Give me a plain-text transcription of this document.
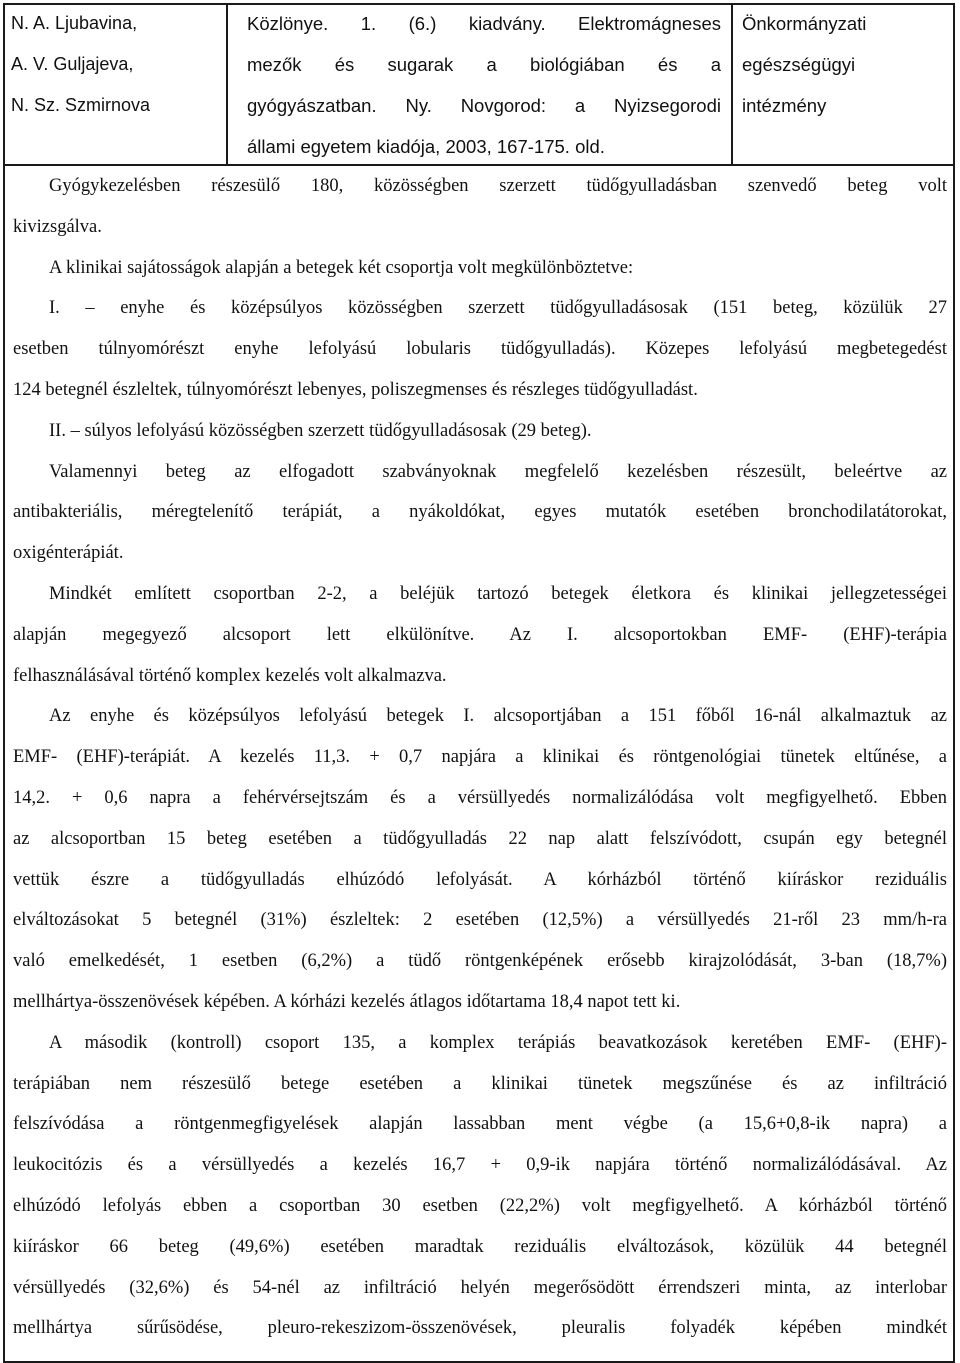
N. A. Ljubavina,
A. V. Guljajeva,
N. Sz. Szmirnova
Közlönye. 1. (6.) kiadvány. Elektromágneses
mezők és sugarak a biológiában és a
gyógyászatban. Ny. Novgorod: a Nyizsegorodi
állami egyetem kiadója, 2003, 167-175. old.
Önkormányzati
egészségügyi
intézmény
Gyógykezelésben részesülő 180, közösségben szerzett tüdőgyulladásban szenvedő beteg volt
kivizsgálva.
A klinikai sajátosságok alapján a betegek két csoportja volt megkülönböztetve:
I. – enyhe és középsúlyos közösségben szerzett tüdőgyulladásosak (151 beteg, közülük 27
esetben túlnyomórészt enyhe lefolyású lobularis tüdőgyulladás). Közepes lefolyású megbetegedést
124 betegnél észleltek, túlnyomórészt lebenyes, poliszegmenses és részleges tüdőgyulladást.
II. – súlyos lefolyású közösségben szerzett tüdőgyulladásosak (29 beteg).
Valamennyi beteg az elfogadott szabványoknak megfelelő kezelésben részesült, beleértve az
antibakteriális, méregtelenítő terápiát, a nyákoldókat, egyes mutatók esetében bronchodilatátorokat,
oxigénterápiát.
Mindkét említett csoportban 2-2, a beléjük tartozó betegek életkora és klinikai jellegzetességei
alapján megegyező alcsoport lett elkülönítve. Az I. alcsoportokban EMF- (EHF)-terápia
felhasználásával történő komplex kezelés volt alkalmazva.
Az enyhe és középsúlyos lefolyású betegek I. alcsoportjában a 151 főből 16-nál alkalmaztuk az
EMF- (EHF)-terápiát. A kezelés 11,3. + 0,7 napjára a klinikai és röntgenológiai tünetek eltűnése, a
14,2. + 0,6 napra a fehérvérsejtszám és a vérsüllyedés normalizálódása volt megfigyelhető. Ebben
az alcsoportban 15 beteg esetében a tüdőgyulladás 22 nap alatt felszívódott, csupán egy betegnél
vettük észre a tüdőgyulladás elhúzódó lefolyását. A kórházból történő kiíráskor reziduális
elváltozásokat 5 betegnél (31%) észleltek: 2 esetében (12,5%) a vérsüllyedés 21-ről 23 mm/h-ra
való emelkedését, 1 esetben (6,2%) a tüdő röntgenképének erősebb kirajzolódását, 3-ban (18,7%)
mellhártya-összenövések képében. A kórházi kezelés átlagos időtartama 18,4 napot tett ki.
A második (kontroll) csoport 135, a komplex terápiás beavatkozások keretében EMF- (EHF)-
terápiában nem részesülő betege esetében a klinikai tünetek megszűnése és az infiltráció
felszívódása a röntgenmegfigyelések alapján lassabban ment végbe (a 15,6+0,8-ik napra) a
leukocitózis és a vérsüllyedés a kezelés 16,7 + 0,9-ik napjára történő normalizálódásával. Az
elhúzódó lefolyás ebben a csoportban 30 esetben (22,2%) volt megfigyelhető. A kórházból történő
kiíráskor 66 beteg (49,6%) esetében maradtak reziduális elváltozások, közülük 44 betegnél
vérsüllyedés (32,6%) és 54-nél az infiltráció helyén megerősödött érrendszeri minta, az interlobar
mellhártya sűrűsödése, pleuro-rekeszizom-összenövések, pleuralis folyadék képében mindkét
